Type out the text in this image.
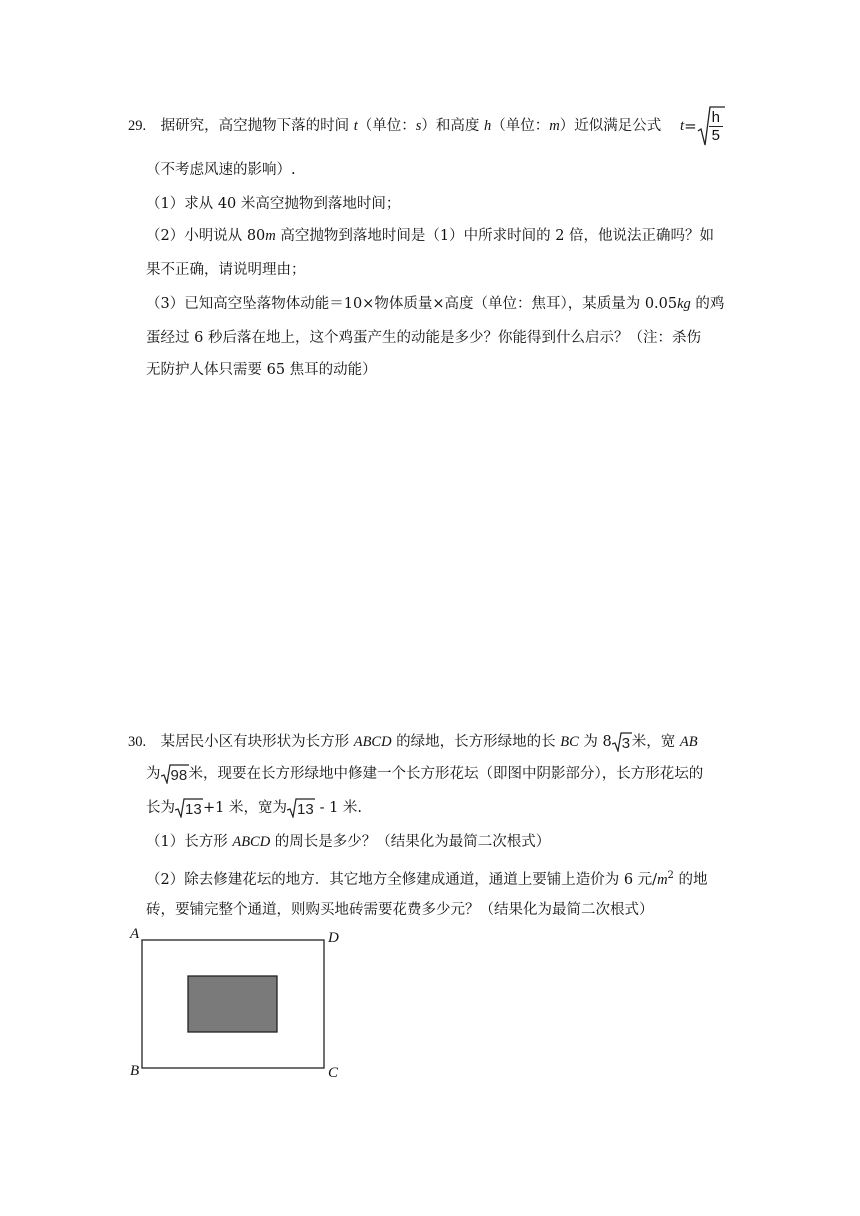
29. 据研究，高空抛物下落的时间 t（单位：s）和高度 h（单位：m）近似满足公式 t = h
5
（不考虑风速的影响）.
（1）求从 40 米高空抛物到落地时间；
（2）小明说从 80m 高空抛物到落地时间是（1）中所求时间的 2 倍，他说法正确吗？如
果不正确，请说明理由；
（3）已知高空坠落物体动能＝10×物体质量×高度（单位：焦耳），某质量为 0.05kg 的鸡
蛋经过 6 秒后落在地上，这个鸡蛋产生的动能是多少？你能得到什么启示？（注：杀伤
无防护人体只需要 65 焦耳的动能）
30. 某居民小区有块形状为长方形 ABCD 的绿地，长方形绿地的长 BC 为 8 3 米，宽 AB
为 98 米，现要在长方形绿地中修建一个长方形花坛（即图中阴影部分），长方形花坛的
长为 13 +1 米，宽为 13 - 1 米.
（1）长方形 ABCD 的周长是多少？（结果化为最简二次根式）
（2）除去修建花坛的地方．其它地方全修建成通道，通道上要铺上造价为 6 元$/m^2$ 的地
砖，要铺完整个通道，则购买地砖需要花费多少元？（结果化为最简二次根式）
A	D
B	C
